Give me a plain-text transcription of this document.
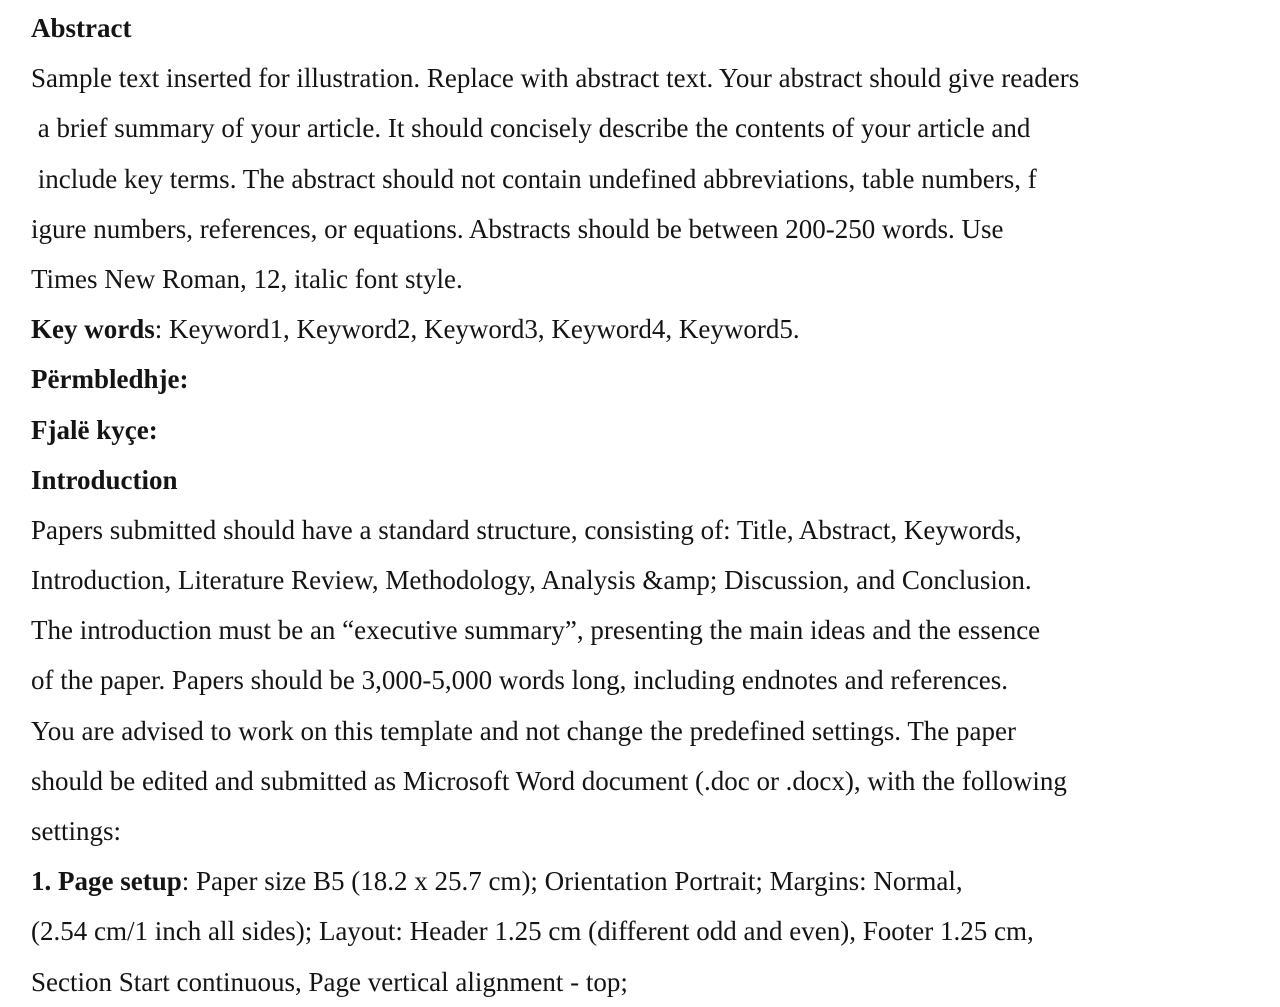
Abstract
Sample text inserted for illustration. Replace with abstract text. Your abstract should give readers
a brief summary of your article. It should concisely describe the contents of your article and
include key terms. The abstract should not contain undefined abbreviations, table numbers, f
igure numbers, references, or equations. Abstracts should be between 200-250 words. Use
Times New Roman, 12, italic font style.
Key words: Keyword1, Keyword2, Keyword3, Keyword4, Keyword5.
Përmbledhje:
Fjalë kyçe:
Introduction
Papers submitted should have a standard structure, consisting of: Title, Abstract, Keywords,
Introduction, Literature Review, Methodology, Analysis &amp; Discussion, and Conclusion.
The introduction must be an “executive summary”, presenting the main ideas and the essence
of the paper. Papers should be 3,000-5,000 words long, including endnotes and references.
You are advised to work on this template and not change the predefined settings. The paper
should be edited and submitted as Microsoft Word document (.doc or .docx), with the following
settings:
1. Page setup: Paper size B5 (18.2 x 25.7 cm); Orientation Portrait; Margins: Normal,
(2.54 cm/1 inch all sides); Layout: Header 1.25 cm (different odd and even), Footer 1.25 cm,
Section Start continuous, Page vertical alignment - top;
